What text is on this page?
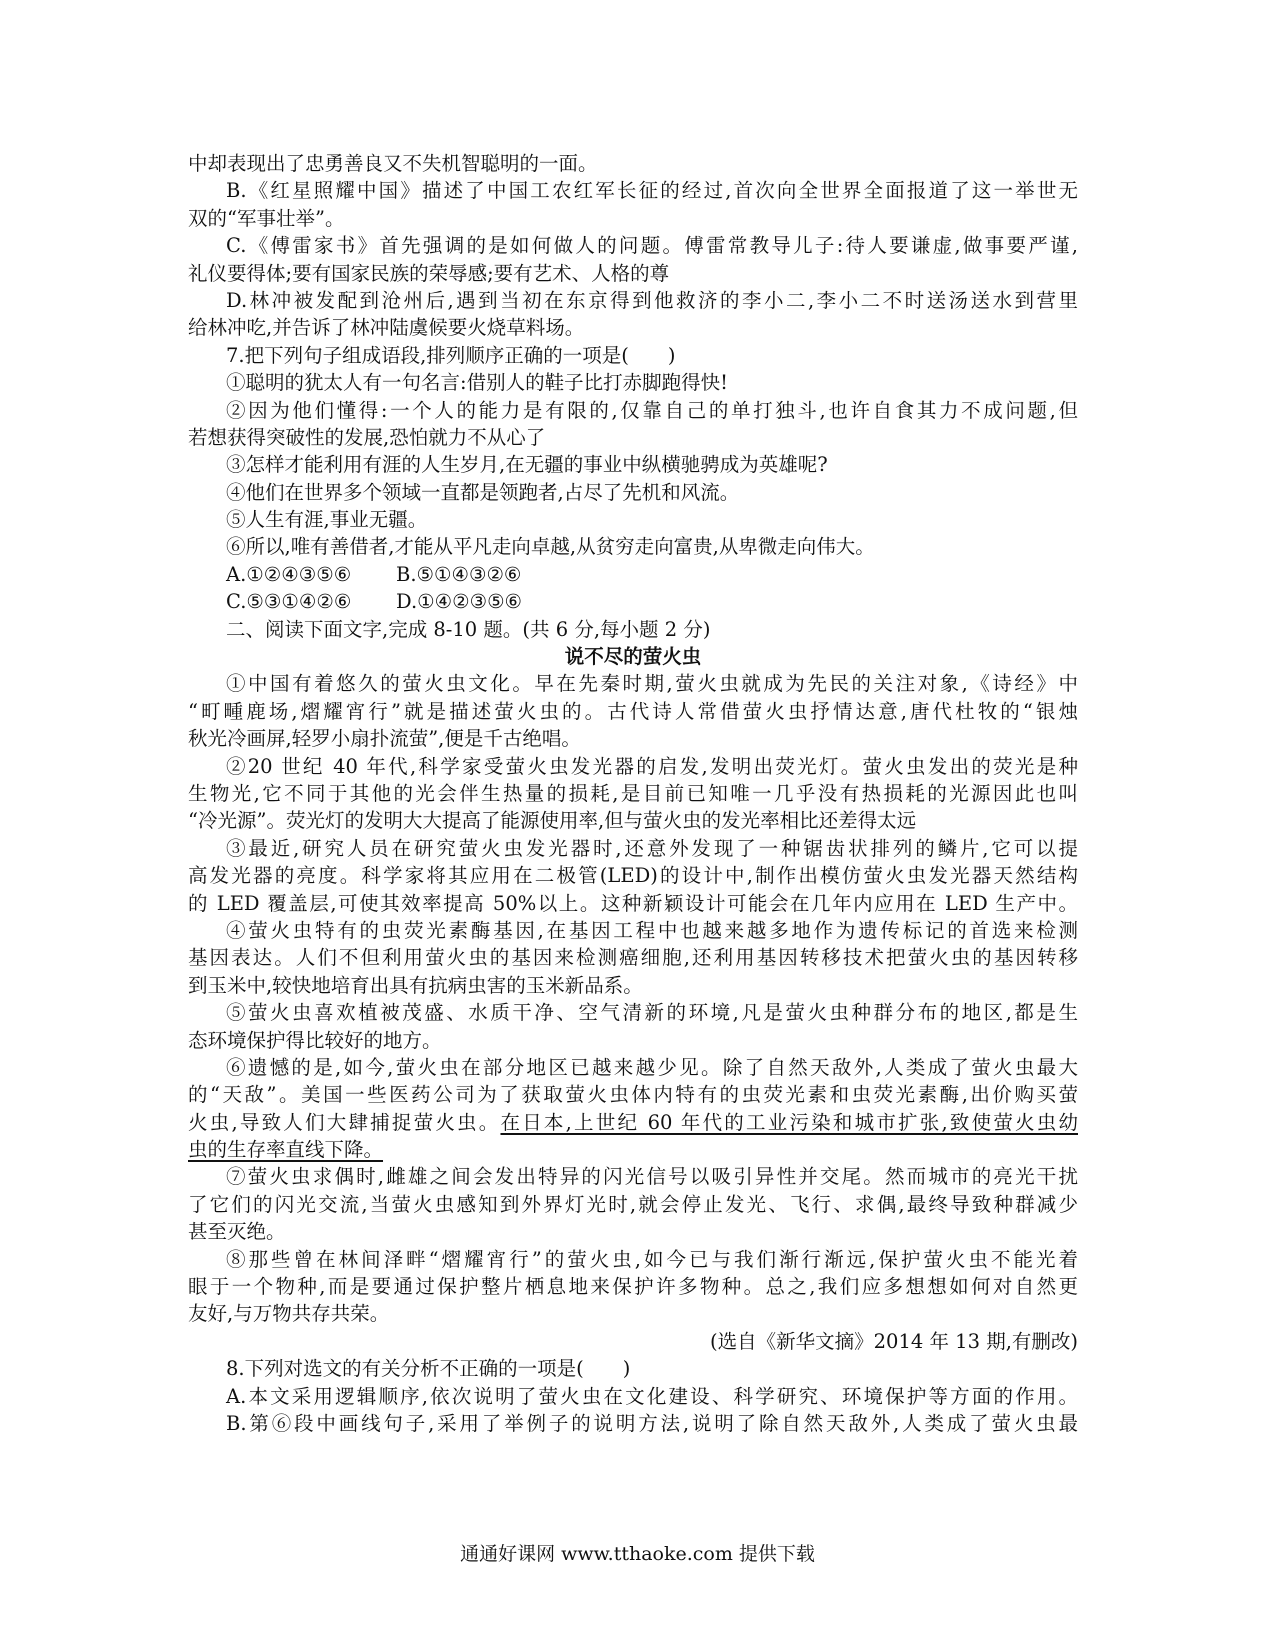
中却表现出了忠勇善良又不失机智聪明的一面。
B.《红星照耀中国》描述了中国工农红军长征的经过,首次向全世界全面报道了这一举世无
双的“军事壮举”。
C.《傅雷家书》首先强调的是如何做人的问题。傅雷常教导儿子:待人要谦虚,做事要严谨,
礼仪要得体;要有国家民族的荣辱感;要有艺术、人格的尊
D.林冲被发配到沧州后,遇到当初在东京得到他救济的李小二,李小二不时送汤送水到营里
给林冲吃,并告诉了林冲陆虞候要火烧草料场。
7.把下列句子组成语段,排列顺序正确的一项是(　　)
①聪明的犹太人有一句名言:借别人的鞋子比打赤脚跑得快!
②因为他们懂得:一个人的能力是有限的,仅靠自己的单打独斗,也许自食其力不成问题,但
若想获得突破性的发展,恐怕就力不从心了
③怎样才能利用有涯的人生岁月,在无疆的事业中纵横驰骋成为英雄呢?
④他们在世界多个领域一直都是领跑者,占尽了先机和风流。
⑤人生有涯,事业无疆。
⑥所以,唯有善借者,才能从平凡走向卓越,从贫穷走向富贵,从卑微走向伟大。
A.①②④③⑤⑥ B.⑤①④③②⑥
C.⑤③①④②⑥ D.①④②③⑤⑥
二、阅读下面文字,完成 8-10 题。(共 6 分,每小题 2 分)
说不尽的萤火虫
①中国有着悠久的萤火虫文化。早在先秦时期,萤火虫就成为先民的关注对象,《诗经》中
“町畽鹿场,熠耀宵行”就是描述萤火虫的。古代诗人常借萤火虫抒情达意,唐代杜牧的“银烛
秋光冷画屏,轻罗小扇扑流萤”,便是千古绝唱。
②20 世纪 40 年代,科学家受萤火虫发光器的启发,发明出荧光灯。萤火虫发出的荧光是种
生物光,它不同于其他的光会伴生热量的损耗,是目前已知唯一几乎没有热损耗的光源因此也叫
“冷光源”。荧光灯的发明大大提高了能源使用率,但与萤火虫的发光率相比还差得太远
③最近,研究人员在研究萤火虫发光器时,还意外发现了一种锯齿状排列的鳞片,它可以提
高发光器的亮度。科学家将其应用在二极管(LED)的设计中,制作出模仿萤火虫发光器天然结构
的 LED 覆盖层,可使其效率提高 50%以上。这种新颖设计可能会在几年内应用在 LED 生产中。
④萤火虫特有的虫荧光素酶基因,在基因工程中也越来越多地作为遗传标记的首选来检测
基因表达。人们不但利用萤火虫的基因来检测癌细胞,还利用基因转移技术把萤火虫的基因转移
到玉米中,较快地培育出具有抗病虫害的玉米新品系。
⑤萤火虫喜欢植被茂盛、水质干净、空气清新的环境,凡是萤火虫种群分布的地区,都是生
态环境保护得比较好的地方。
⑥遗憾的是,如今,萤火虫在部分地区已越来越少见。除了自然天敌外,人类成了萤火虫最大
的“天敌”。美国一些医药公司为了获取萤火虫体内特有的虫荧光素和虫荧光素酶,出价购买萤
火虫,导致人们大肆捕捉萤火虫。在日本,上世纪 60 年代的工业污染和城市扩张,致使萤火虫幼
虫的生存率直线下降。
⑦萤火虫求偶时,雌雄之间会发出特异的闪光信号以吸引异性并交尾。然而城市的亮光干扰
了它们的闪光交流,当萤火虫感知到外界灯光时,就会停止发光、飞行、求偶,最终导致种群减少
甚至灭绝。
⑧那些曾在林间泽畔“熠耀宵行”的萤火虫,如今已与我们渐行渐远,保护萤火虫不能光着
眼于一个物种,而是要通过保护整片栖息地来保护许多物种。总之,我们应多想想如何对自然更
友好,与万物共存共荣。
(选自《新华文摘》2014 年 13 期,有删改)
8.下列对选文的有关分析不正确的一项是(　　)
A.本文采用逻辑顺序,依次说明了萤火虫在文化建设、科学研究、环境保护等方面的作用。
B.第⑥段中画线句子,采用了举例子的说明方法,说明了除自然天敌外,人类成了萤火虫最
通通好课网 www.tthaoke.com 提供下载
